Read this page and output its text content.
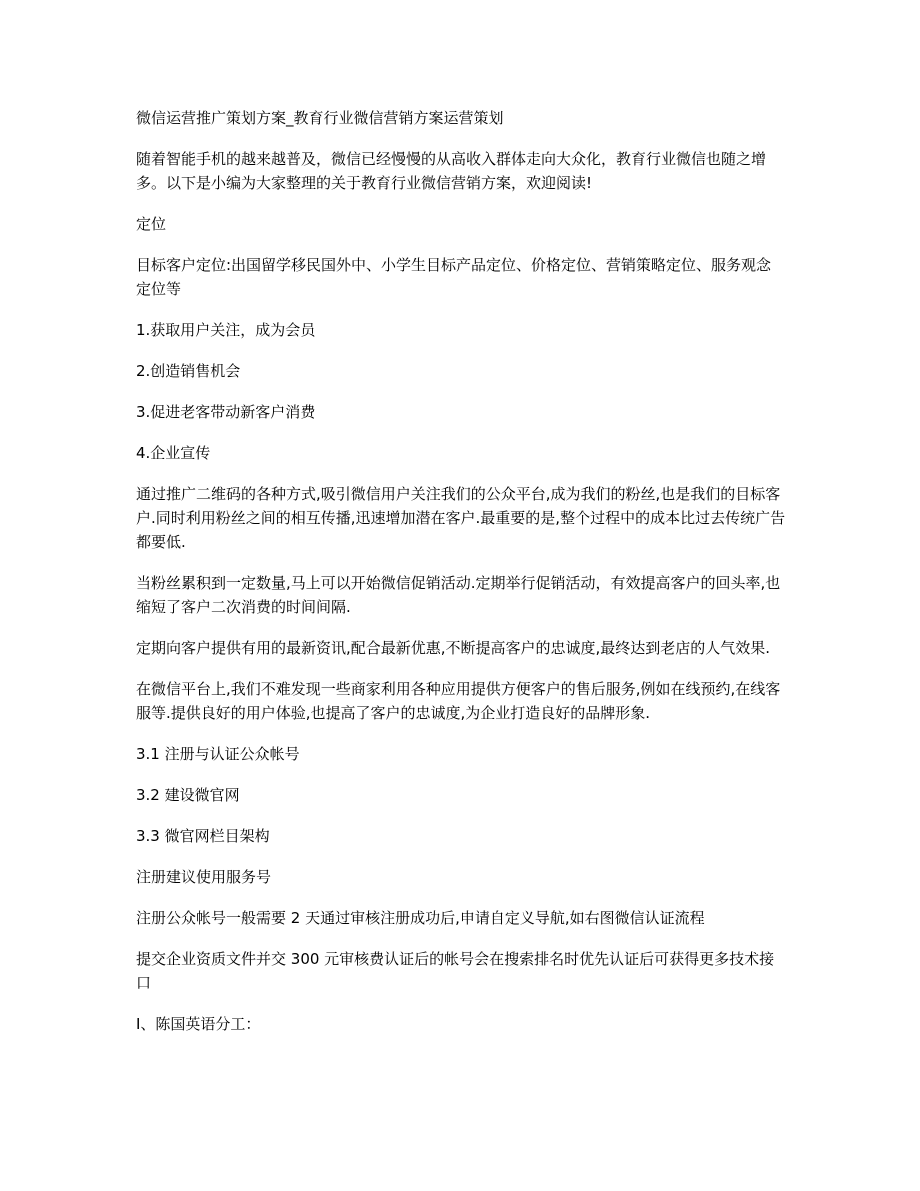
微信运营推广策划方案_教育行业微信营销方案运营策划

随着智能手机的越来越普及，微信已经慢慢的从高收入群体走向大众化，教育行业微信也随之增多。以下是小编为大家整理的关于教育行业微信营销方案，欢迎阅读!

定位

目标客户定位:出国留学移民国外中、小学生目标产品定位、价格定位、营销策略定位、服务观念定位等

1.获取用户关注，成为会员

2.创造销售机会

3.促进老客带动新客户消费

4.企业宣传

通过推广二维码的各种方式,吸引微信用户关注我们的公众平台,成为我们的粉丝,也是我们的目标客户.同时利用粉丝之间的相互传播,迅速增加潜在客户.最重要的是,整个过程中的成本比过去传统广告都要低.

当粉丝累积到一定数量,马上可以开始微信促销活动.定期举行促销活动，有效提高客户的回头率,也缩短了客户二次消费的时间间隔.

定期向客户提供有用的最新资讯,配合最新优惠,不断提高客户的忠诚度,最终达到老店的人气效果.

在微信平台上,我们不难发现一些商家利用各种应用提供方便客户的售后服务,例如在线预约,在线客服等.提供良好的用户体验,也提高了客户的忠诚度,为企业打造良好的品牌形象.

3.1 注册与认证公众帐号

3.2 建设微官网

3.3 微官网栏目架构

注册建议使用服务号

注册公众帐号一般需要 2 天通过审核注册成功后,申请自定义导航,如右图微信认证流程

提交企业资质文件并交 300 元审核费认证后的帐号会在搜索排名时优先认证后可获得更多技术接口

I、陈国英语分工：
